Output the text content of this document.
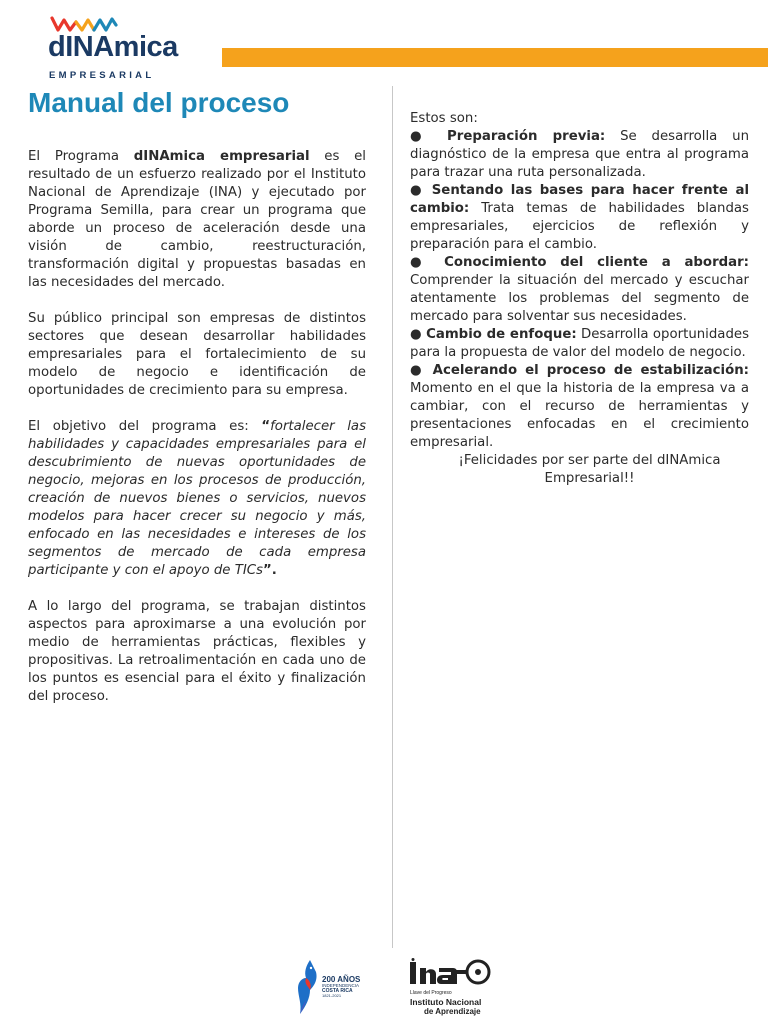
dINAmica
EMPRESARIAL
Manual del proceso

El Programa dINAmica empresarial es el resultado de un esfuerzo realizado por el Instituto Nacional de Aprendizaje (INA) y ejecutado por Programa Semilla, para crear un programa que aborde un proceso de aceleración desde una visión de cambio, reestructuración, transformación digital y propuestas basadas en las necesidades del mercado.

Su público principal son empresas de distintos sectores que desean desarrollar habilidades empresariales para el fortalecimiento de su modelo de negocio e identificación de oportunidades de crecimiento para su empresa.

El objetivo del programa es: “fortalecer las habilidades y capacidades empresariales para el descubrimiento de nuevas oportunidades de negocio, mejoras en los procesos de producción, creación de nuevos bienes o servicios, nuevos modelos para hacer crecer su negocio y más, enfocado en las necesidades e intereses de los segmentos de mercado de cada empresa participante y con el apoyo de TICs”.

A lo largo del programa, se trabajan distintos aspectos para aproximarse a una evolución por medio de herramientas prácticas, flexibles y propositivas. La retroalimentación en cada uno de los puntos es esencial para el éxito y finalización del proceso.

Estos son:

● Preparación previa: Se desarrolla un diagnóstico de la empresa que entra al programa para trazar una ruta personalizada.

● Sentando las bases para hacer frente al cambio: Trata temas de habilidades blandas empresariales, ejercicios de reflexión y preparación para el cambio.

● Conocimiento del cliente a abordar: Comprender la situación del mercado y escuchar atentamente los problemas del segmento de mercado para solventar sus necesidades.

● Cambio de enfoque: Desarrolla oportunidades para la propuesta de valor del modelo de negocio.

● Acelerando el proceso de estabilización: Momento en el que la historia de la empresa va a cambiar, con el recurso de herramientas y presentaciones enfocadas en el crecimiento empresarial.

¡Felicidades por ser parte del dINAmica Empresarial!!

200 AÑOS
INDEPENDENCIA
COSTA RICA
1821-2021	Llave del Progreso
Instituto Nacional
de Aprendizaje
